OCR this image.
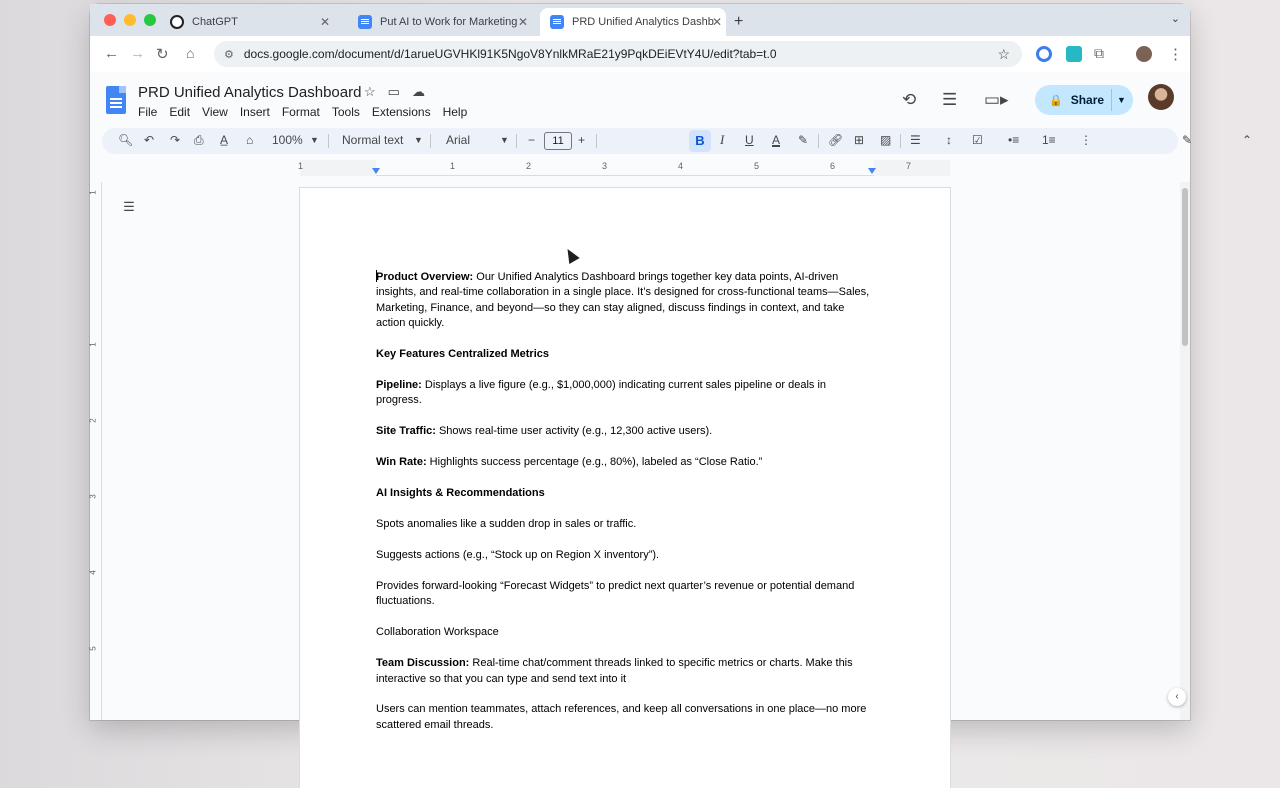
ChatGPT	✕	Put AI to Work for Marketing ✕	PRD Unified Analytics Dashb
✕ +	⌄
← → ↻ ⌂	⚙ docs.google.com/document/d/1arueUGVHKl91K5NgoV8YnlkMRaE21y9PqkDEiEVtY4U/edit?tab=t.0	☆	⧉	⋮
PRD Unified Analytics Dashboard ☆ ▭ ☁
File Edit View Insert Format Tools Extensions Help
⟲ ☰ ▭▸	🔒 Share ▼
🔍︎ ↶ ↷ ⎙ A̲ ⌂ 100% ▼ Normal text ▼ Arial	▼ −	11	+	B	I U A ✎ 🔗︎ ⊞ ▨ ☰ ↕ ☑ •≡ 1≡ ⋮	✎	⌃
1	1	2	3	4	5	6	7
1
1
2
3
4
5
☰

Product Overview: Our Unified Analytics Dashboard brings together key data points, AI-driven insights, and real-time collaboration in a single place. It’s designed for cross-functional teams—Sales, Marketing, Finance, and beyond—so they can stay aligned, discuss findings in context, and take action quickly.

Key Features Centralized Metrics

Pipeline: Displays a live figure (e.g., $1,000,000) indicating current sales pipeline or deals in progress.

Site Traffic: Shows real-time user activity (e.g., 12,300 active users).

Win Rate: Highlights success percentage (e.g., 80%), labeled as “Close Ratio.”

AI Insights & Recommendations

Spots anomalies like a sudden drop in sales or traffic.

Suggests actions (e.g., “Stock up on Region X inventory”).

Provides forward-looking “Forecast Widgets” to predict next quarter’s revenue or potential demand fluctuations.

Collaboration Workspace

Team Discussion: Real-time chat/comment threads linked to specific metrics or charts. Make this interactive so that you can type and send text into it

Users can mention teammates, attach references, and keep all conversations in one place—no more scattered email threads.

‹
